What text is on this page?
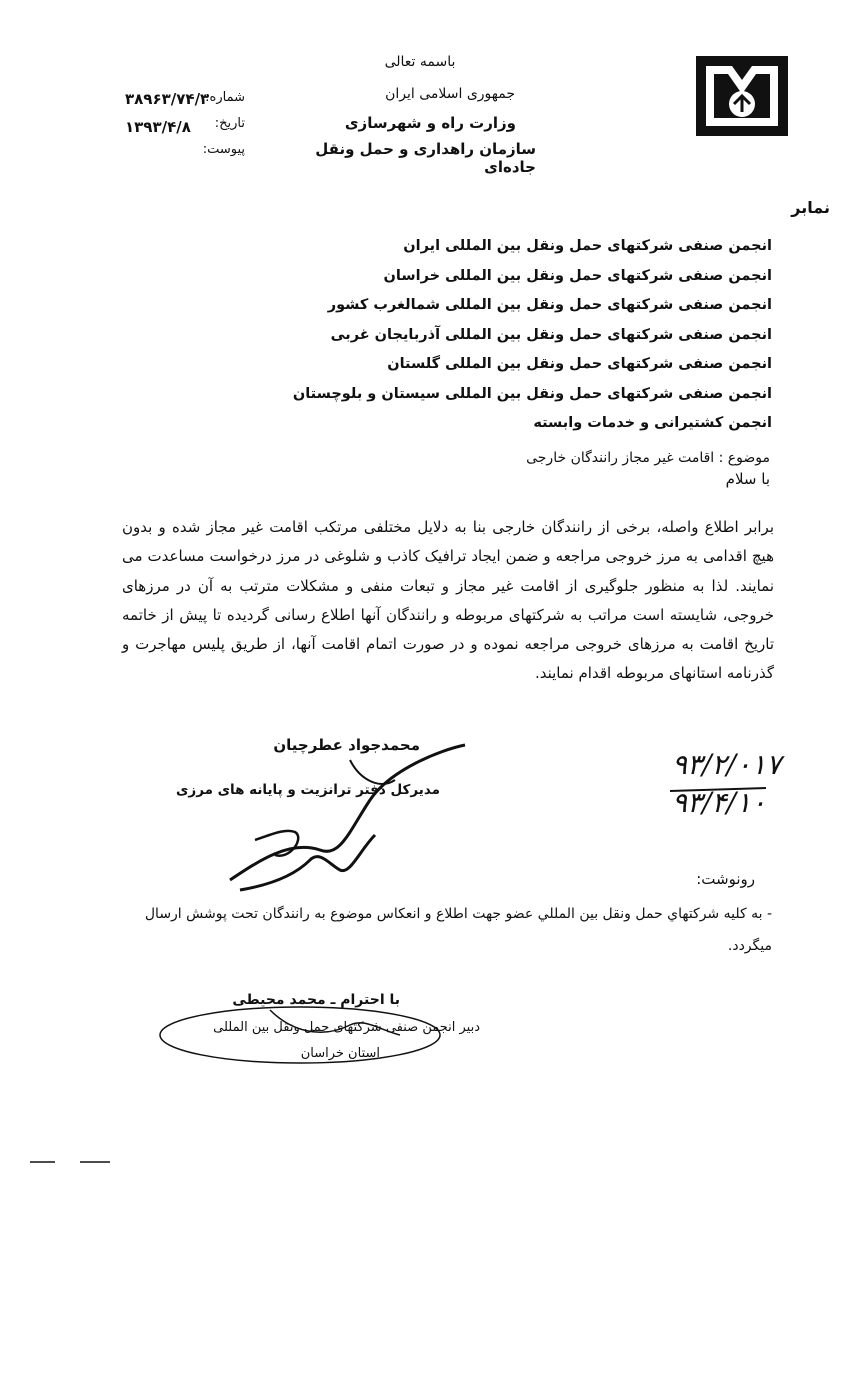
باسمه تعالی
جمهوری اسلامی ایران
وزارت راه و شهرسازی
سازمان راهداری و حمل ونقل جاده‌ای
شماره:
۳۸۹۶۳/۷۴/۳
تاریخ:
۱۳۹۳/۴/۸
پیوست:
نمابر
انجمن صنفی شرکتهای حمل ونقل بین المللی ایران
انجمن صنفی شرکتهای حمل ونقل بین المللی خراسان
انجمن صنفی شرکتهای حمل ونقل بین المللی شمالغرب کشور
انجمن صنفی شرکتهای حمل ونقل بین المللی آذربایجان غربی
انجمن صنفی شرکتهای حمل ونقل بین المللی گلستان
انجمن صنفی شرکتهای حمل ونقل بین المللی سیستان و بلوچستان
انجمن کشتیرانی و خدمات وابسته
موضوع : اقامت غیر مجاز رانندگان خارجی
با سلام
برابر اطلاع واصله، برخی از رانندگان خارجی بنا به دلایل مختلفی مرتکب اقامت غیر مجاز شده و بدون هیچ اقدامی به مرز خروجی مراجعه و ضمن ایجاد ترافیک کاذب و شلوغی در مرز درخواست مساعدت می نمایند. لذا به منظور جلوگیری از اقامت غیر مجاز و تبعات منفی و مشکلات مترتب به آن در مرزهای خروجی، شایسته است مراتب به شرکتهای مربوطه و رانندگان آنها اطلاع رسانی گردیده تا پیش از خاتمه تاریخ اقامت به مرزهای خروجی مراجعه نموده و در صورت اتمام اقامت آنها، از طریق پلیس مهاجرت و گذرنامه استانهای مربوطه اقدام نمایند.
محمدجواد عطرچیان
مدیرکل دفتر ترانزیت و پایانه های مرزی
۹۳/۲/۰۱۷
۹۳/۴/۱۰
رونوشت:
- به کلیه شرکتهاي حمل ونقل بين المللي عضو جهت اطلاع و انعکاس موضوع به رانندگان تحت پوشش ارسال ميگردد.
با احترام ـ محمد محیطی
دبیر انجمن صنفی شرکتهای حمل ونقل بین المللی
استان خراسان
